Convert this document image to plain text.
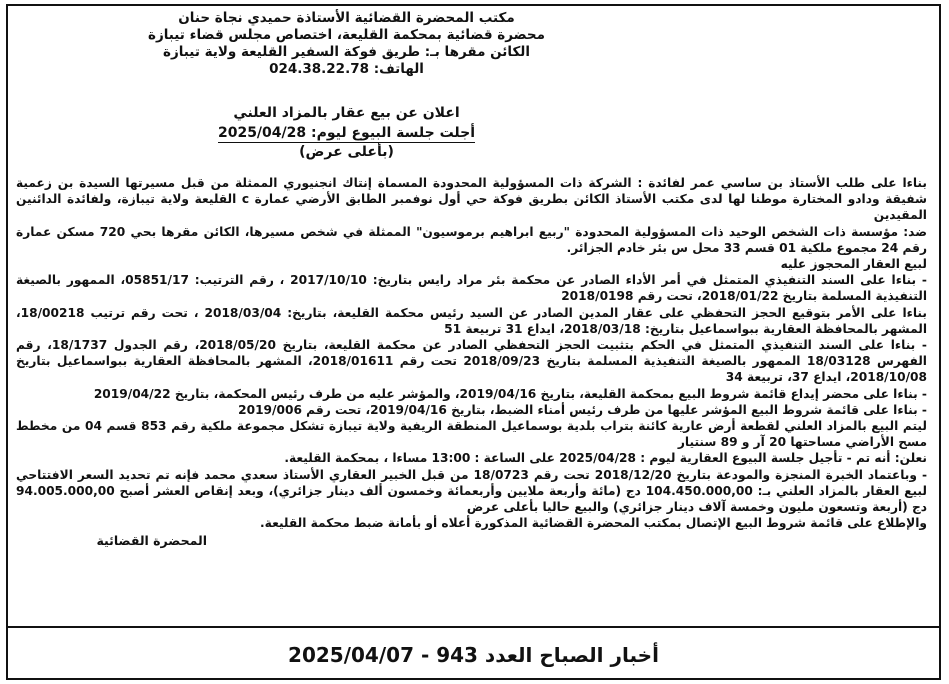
مكتب المحضرة القضائية الأستاذة حميدي نجاة حنان
محضرة قضائية بمحكمة القليعة، اختصاص مجلس قضاء تيبازة
الكائن مقرها بـ: طريق فوكة السفير القليعة ولاية تيبازة
الهاتف: 024.38.22.78
اعلان عن بيع عقار بالمزاد العلني
أجلت جلسة البيوع ليوم: 2025/04/28
(بأعلى عرض)

بناءا على طلب الأستاذ بن ساسي عمر لفائدة : الشركة ذات المسؤولية المحدودة المسماة إنتاك انجنيوري الممثلة من قبل مسيرتها السيدة بن زعمية شفيقة ودادو المختارة موطنا لها لدى مكتب الأستاذ الكائن بطريق فوكة حي أول نوفمبر الطابق الأرضي عمارة c القليعة ولاية تيبازة، ولفائدة الدائنين المقيدين

ضد: مؤسسة ذات الشخص الوحيد ذات المسؤولية المحدودة "ربيع ابراهيم برموسيون" الممثلة في شخص مسيرها، الكائن مقرها بحي 720 مسكن عمارة رقم 24 مجموع ملكية 01 قسم 33 محل س بئر خادم الجزائر.

لبيع العقار المحجوز عليه

- بناءا على السند التنفيذي المتمثل في أمر الأداء الصادر عن محكمة بئر مراد رايس بتاريخ: 2017/10/10 ، رقم الترتيب: 05851/17، الممهور بالصيغة التنفيذية المسلمة بتاريخ 2018/01/22، تحت رقم 2018/0198

بناءا على الأمر بتوقيع الحجز التحفظي على عقار المدين الصادر عن السيد رئيس محكمة القليعة، بتاريخ: 2018/03/04 ، تحت رقم ترتيب 18/00218، المشهر بالمحافظة العقارية ببواسماعيل بتاريخ: 2018/03/18، ايداع 31 تربيعة 51

- بناءا على السند التنفيذي المتمثل في الحكم بتثبيت الحجز التحفظي الصادر عن محكمة القليعة، بتاريخ 2018/05/20، رقم الجدول 18/1737، رقم الفهرس 18/03128 الممهور بالصيغة التنفيذية المسلمة بتاريخ 2018/09/23 تحت رقم 2018/01611، المشهر بالمحافظة العقارية ببواسماعيل بتاريخ 2018/10/08، ايداع 37، تربيعة 34

- بناءا على محضر إيداع قائمة شروط البيع بمحكمة القليعة، بتاريخ 2019/04/16، والمؤشر عليه من طرف رئيس المحكمة، بتاريخ 2019/04/22

- بناءا على قائمة شروط البيع المؤشر عليها من طرف رئيس أمناء الضبط، بتاريخ 2019/04/16، تحت رقم 2019/006

ليتم البيع بالمزاد العلني لقطعة أرض عارية كائنة بتراب بلدية بوسماعيل المنطقة الريفية ولاية تيبازة تشكل مجموعة ملكية رقم 853 قسم 04 من مخطط مسح الأراضي مساحتها 20 آر و 89 سنتيار

نعلن: أنه تم - تأجيل جلسة البيوع العقارية ليوم : 2025/04/28 على الساعة : 13:00 مساءا ، بمحكمة القليعة.

- وباعتماد الخبرة المنجزة والمودعة بتاريخ 2018/12/20 تحت رقم 18/0723 من قبل الخبير العقاري الأستاذ سعدي محمد فإنه تم تحديد السعر الافتتاحي لبيع العقار بالمزاد العلني بـ: 104.450.000,00 دج (مائة وأربعة ملايين وأربعمائة وخمسون ألف دينار جزائري)، وبعد إنقاص العشر أصبح 94.005.000,00 دج (أربعة وتسعون مليون وخمسة آلاف دينار جزائري) والبيع حاليا بأعلى عرض

والإطلاع على قائمة شروط البيع الإتصال بمكتب المحضرة القضائية المذكورة أعلاه أو بأمانة ضبط محكمة القليعة.

المحضرة القضائية
أخبار الصباح العدد 943 - 2025/04/07
